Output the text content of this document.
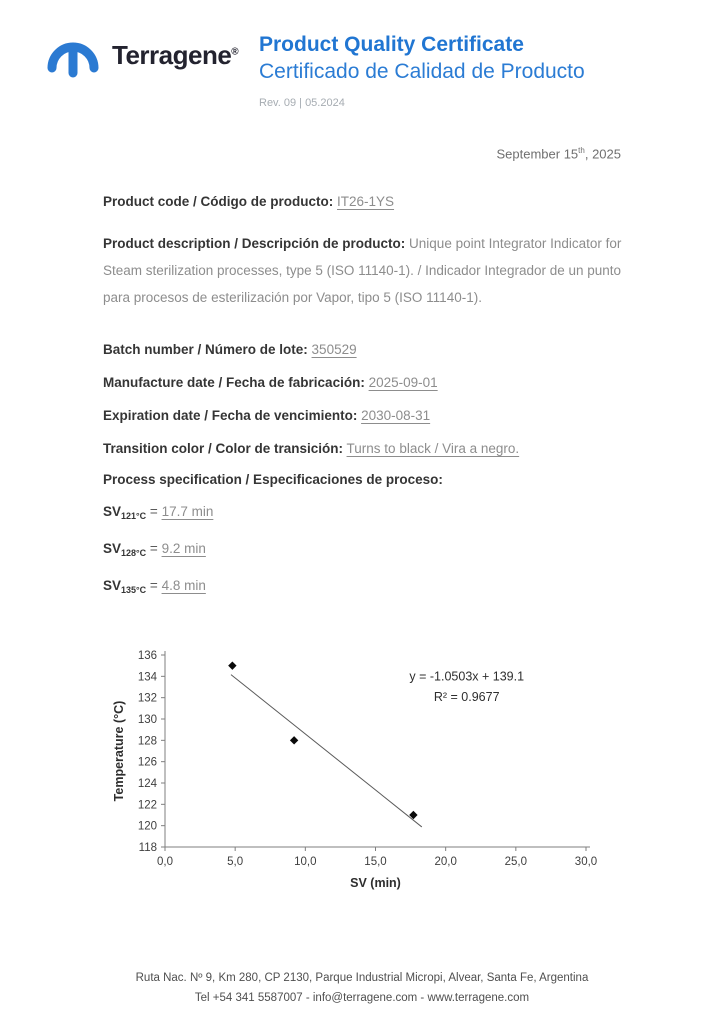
Terragene® Product Quality Certificate
Certificado de Calidad de Producto
Rev. 09 | 05.2024
September 15th, 2025

Product code / Código de producto: IT26-1YS

Product description / Descripción de producto: Unique point Integrator Indicator for Steam sterilization processes, type 5 (ISO 11140-1). / Indicador Integrador de un punto para procesos de esterilización por Vapor, tipo 5 (ISO 11140-1).

Batch number / Número de lote: 350529

Manufacture date / Fecha de fabricación: 2025-09-01

Expiration date / Fecha de vencimiento: 2030-08-31

Transition color / Color de transición: Turns to black / Vira a negro.

Process specification / Especificaciones de proceso:

$SV_{121^\circ C} = 17.7$ min

$SV_{128^\circ C} = 9.2$ min

$SV_{135^\circ C} = 4.8$ min

118
120
122
124
126
128
130
132
134
136
0,0	5,0	10,0	15,0	20,0	25,0	30,0
y = -1.0503x + 139.1
R² = 0.9677
Temperature (°C)
SV (min)
Ruta Nac. Nº 9, Km 280, CP 2130, Parque Industrial Micropi, Alvear, Santa Fe, Argentina
Tel +54 341 5587007 - info@terragene.com - www.terragene.com
